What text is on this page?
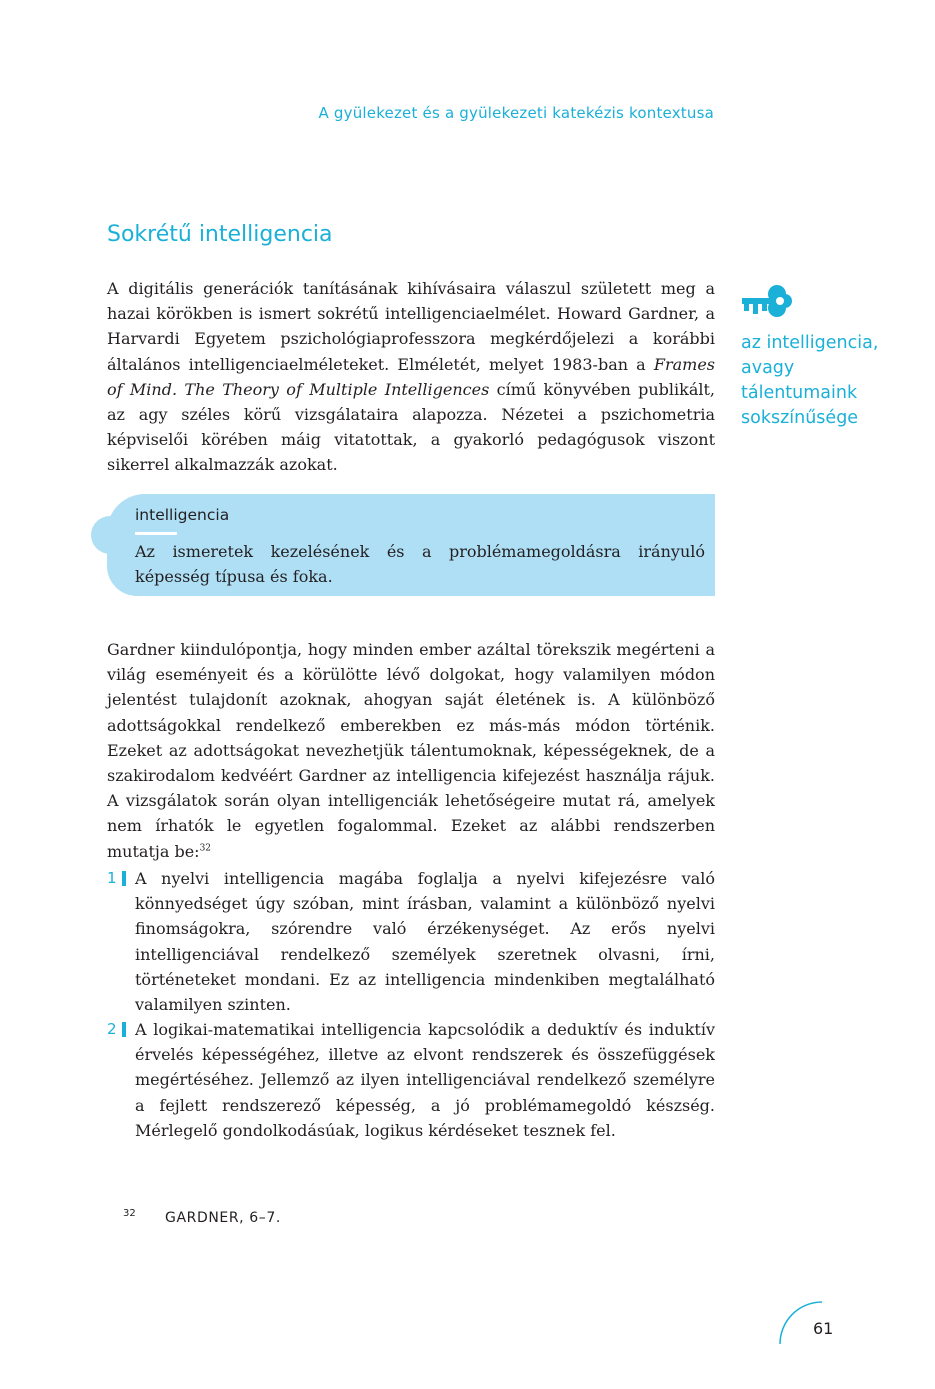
A gyülekezet és a gyülekezeti katekézis kontextusa
Sokrétű intelligencia

A digitális generációk tanításának kihívásaira válaszul született meg a hazai körökben is ismert sokrétű intelligenciaelmélet. Howard Gardner, a Harvardi Egyetem pszichológiaprofesszora megkérdőjelezi a korábbi általános intelligenciaelméleteket. Elméletét, melyet 1983-ban a Frames of Mind. The Theory of Multiple Intelligences című könyvében publikált, az agy széles körű vizsgálataira alapozza. Nézetei a pszichometria képviselői körében máig vitatottak, a gyakorló pedagógusok viszont sikerrel alkalmazzák azokat.

az intelligencia,
avagy
tálentumaink
sokszínűsége
intelligencia
Az ismeretek kezelésének és a problémamegoldásra irányuló képesség típusa és foka.

Gardner kiindulópontja, hogy minden ember azáltal törekszik megérteni a világ eseményeit és a körülötte lévő dolgokat, hogy valamilyen módon jelentést tulajdonít azoknak, ahogyan saját életének is. A különböző adottságokkal rendelkező emberekben ez más-más módon történik. Ezeket az adottságokat nevezhetjük tálentumoknak, képességeknek, de a szakirodalom kedvéért Gardner az intelligencia kifejezést használja rájuk. A vizsgálatok során olyan intelligenciák lehetőségeire mutat rá, amelyek nem írhatók le egyetlen fogalommal. Ezeket az alábbi rendszerben mutatja be:$^{32}$

1 A nyelvi intelligencia magába foglalja a nyelvi kifejezésre való könnyedséget úgy szóban, mint írásban, valamint a különböző nyelvi finomságokra, szórendre való érzékenységet. Az erős nyelvi intelligenciával rendelkező személyek szeretnek olvasni, írni, történeteket mondani. Ez az intelligencia mindenkiben megtalálható valamilyen szinten.

2 A logikai-matematikai intelligencia kapcsolódik a deduktív és induktív érvelés képességéhez, illetve az elvont rendszerek és összefüggések megértéséhez. Jellemző az ilyen intelligenciával rendelkező személyre a fejlett rendszerező képesség, a jó problémamegoldó készség. Mérlegelő gondolkodásúak, logikus kérdéseket tesznek fel.

32 GARDNER, 6–7.
61
